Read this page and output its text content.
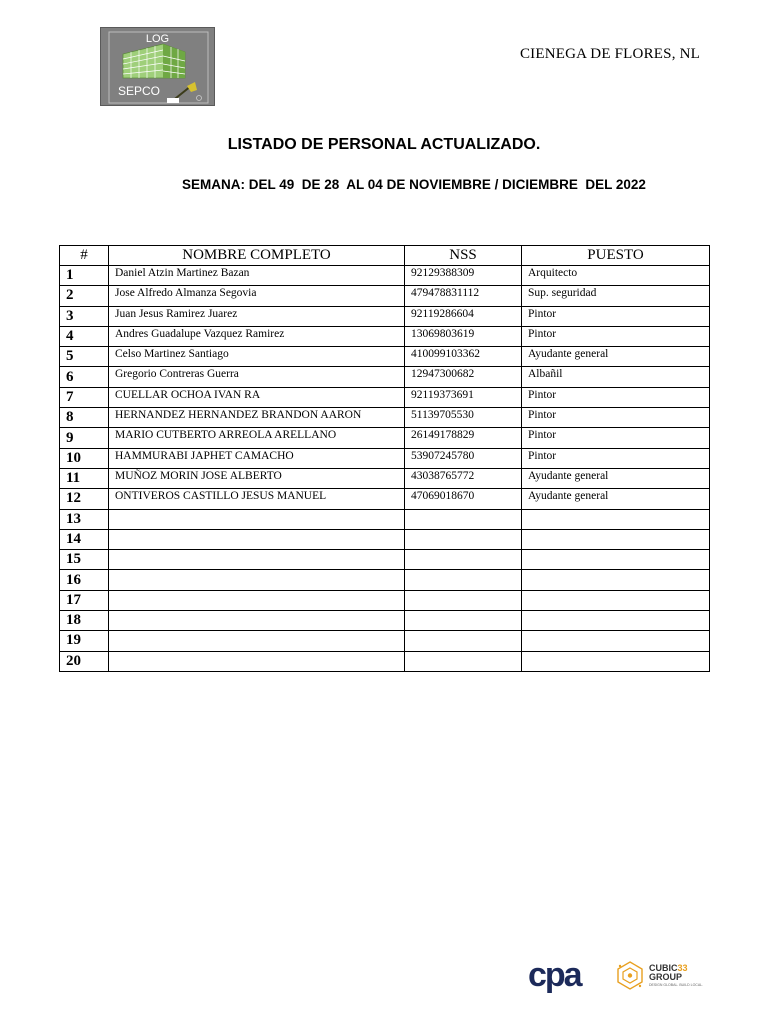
LOG
SEPCO
CIENEGA DE FLORES, NL
LISTADO DE PERSONAL ACTUALIZADO.
SEMANA: DEL 49  DE 28  AL 04 DE NOVIEMBRE / DICIEMBRE  DEL 2022
#	NOMBRE COMPLETO	NSS	PUESTO
1	Daniel Atzin Martinez Bazan	92129388309	Arquitecto
2	Jose Alfredo Almanza Segovia	479478831112	Sup. seguridad
3	Juan Jesus Ramirez Juarez	92119286604	Pintor
4	Andres Guadalupe Vazquez Ramirez	13069803619	Pintor
5	Celso Martinez Santiago	410099103362	Ayudante general
6	Gregorio Contreras Guerra	12947300682	Albañil
7	CUELLAR OCHOA IVAN RA	92119373691	Pintor
8	HERNANDEZ HERNANDEZ BRANDON AARON	51139705530	Pintor
9	MARIO CUTBERTO ARREOLA ARELLANO	26149178829	Pintor
10	HAMMURABI JAPHET CAMACHO	53907245780	Pintor
11	MUÑOZ MORIN JOSE ALBERTO	43038765772	Ayudante general
12	ONTIVEROS CASTILLO JESUS MANUEL	47069018670	Ayudante general
13			
14			
15			
16			
17			
18			
19			
20			
cpa	CUBIC33
GROUP
DESIGN GLOBAL. BUILD LOCAL.
